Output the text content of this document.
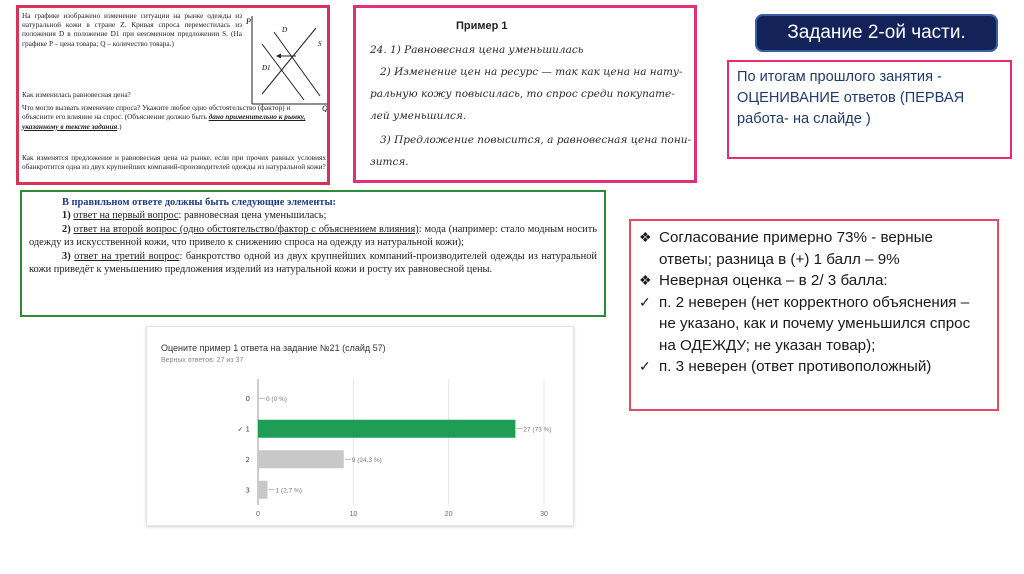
На графике изображено изменение ситуации на рынке одежды из натуральной кожи в стране Z. Кривая спроса переместилась из положения D в положение D1 при неизменном предложении S. (На графике P – цена товара; Q – количество товара.)
P
Q
S
D
D1
Как изменилась равновесная цена?
Что могло вызвать изменение спроса? Укажите любое одно обстоятельство (фактор) и объясните его влияние на спрос. (Объяснение должно быть дано применительно к рынку, указанному в тексте задания.)
Как изменятся предложение и равновесная цена на рынке, если при прочих равных условиях обанкротится одна из двух крупнейших компаний-производителей одежды из натуральной кожи?
Пример 1
24. 1) Равновесная цена уменьшилась
2) Изменение цен на ресурс — так как цена на нату-
ральную кожу повысилась, то спрос среди покупате-
лей уменьшился.
3) Предложение повысится, а равновесная цена пони-
зится.
Задание 2-ой части.
По итогам прошлого занятия - ОЦЕНИВАНИЕ ответов (ПЕРВАЯ работа- на слайде )
В правильном ответе должны быть следующие элементы:
1) ответ на первый вопрос: равновесная цена уменьшилась;
2) ответ на второй вопрос (одно обстоятельство/фактор с объяснением влияния): мода (например: стало модным носить одежду из искусственной кожи, что привело к снижению спроса на одежду из натуральной кожи);
3) ответ на третий вопрос: банкротство одной из двух крупнейших компаний-производителей одежды из натуральной кожи приведёт к уменьшению предложения изделий из натуральной кожи и росту их равновесной цены.
Оцените пример 1 ответа на задание №21 (слайд 57)
Верных ответов: 27 из 37
0	10	20	30
0 0 (0 %)
✓ 1	27 (73 %)
2	9 (24,3 %)
3	1 (2,7 %)
❖ Согласование примерно 73% - верные ответы; разница в (+) 1 балл – 9%
❖ Неверная оценка – в 2/ 3 балла:
✓ п. 2 неверен (нет корректного объяснения – не указано, как и почему уменьшился спрос на ОДЕЖДУ; не указан товар);
✓ п. 3 неверен (ответ противоположный)
